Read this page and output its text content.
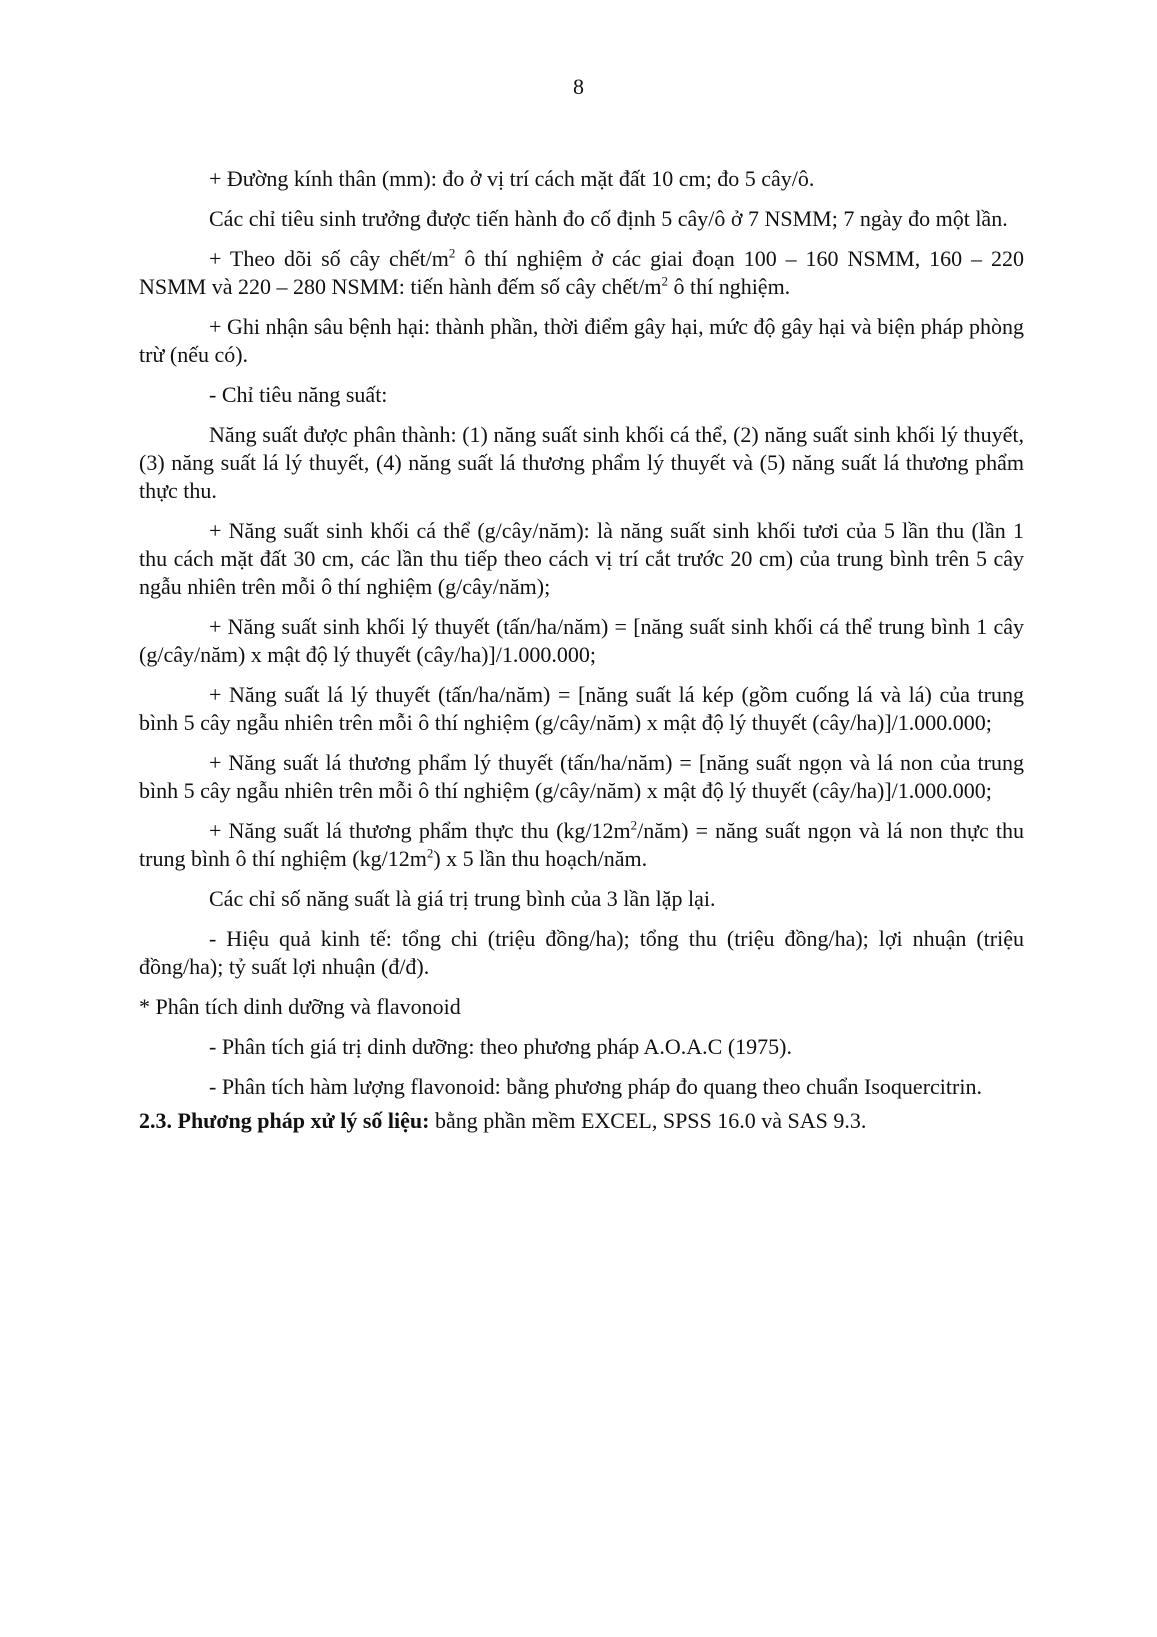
8

+ Đường kính thân (mm): đo ở vị trí cách mặt đất 10 cm; đo 5 cây/ô.

Các chỉ tiêu sinh trưởng được tiến hành đo cố định 5 cây/ô ở 7 NSMM; 7 ngày đo một lần.

+ Theo dõi số cây chết/$m^2$ ô thí nghiệm ở các giai đoạn 100 – 160 NSMM, 160 – 220 NSMM và 220 – 280 NSMM: tiến hành đếm số cây chết/$m^2$ ô thí nghiệm.

+ Ghi nhận sâu bệnh hại: thành phần, thời điểm gây hại, mức độ gây hại và biện pháp phòng trừ (nếu có).

- Chỉ tiêu năng suất:

Năng suất được phân thành: (1) năng suất sinh khối cá thể, (2) năng suất sinh khối lý thuyết, (3) năng suất lá lý thuyết, (4) năng suất lá thương phẩm lý thuyết và (5) năng suất lá thương phẩm thực thu.

+ Năng suất sinh khối cá thể (g/cây/năm): là năng suất sinh khối tươi của 5 lần thu (lần 1 thu cách mặt đất 30 cm, các lần thu tiếp theo cách vị trí cắt trước 20 cm) của trung bình trên 5 cây ngẫu nhiên trên mỗi ô thí nghiệm (g/cây/năm);

+ Năng suất sinh khối lý thuyết (tấn/ha/năm) = [năng suất sinh khối cá thể trung bình 1 cây (g/cây/năm) x mật độ lý thuyết (cây/ha)]/1.000.000;

+ Năng suất lá lý thuyết (tấn/ha/năm) = [năng suất lá kép (gồm cuống lá và lá) của trung bình 5 cây ngẫu nhiên trên mỗi ô thí nghiệm (g/cây/năm) x mật độ lý thuyết (cây/ha)]/1.000.000;

+ Năng suất lá thương phẩm lý thuyết (tấn/ha/năm) = [năng suất ngọn và lá non của trung bình 5 cây ngẫu nhiên trên mỗi ô thí nghiệm (g/cây/năm) x mật độ lý thuyết (cây/ha)]/1.000.000;

+ Năng suất lá thương phẩm thực thu $(kg/12m^2/năm)$ = năng suất ngọn và lá non thực thu trung bình ô thí nghiệm $(kg/12m^2)$ x 5 lần thu hoạch/năm.

Các chỉ số năng suất là giá trị trung bình của 3 lần lặp lại.

- Hiệu quả kinh tế: tổng chi (triệu đồng/ha); tổng thu (triệu đồng/ha); lợi nhuận (triệu đồng/ha); tỷ suất lợi nhuận (đ/đ).

* Phân tích dinh dưỡng và flavonoid

- Phân tích giá trị dinh dưỡng: theo phương pháp A.O.A.C (1975).

- Phân tích hàm lượng flavonoid: bằng phương pháp đo quang theo chuẩn Isoquercitrin.

2.3. Phương pháp xử lý số liệu: bằng phần mềm EXCEL, SPSS 16.0 và SAS 9.3.
